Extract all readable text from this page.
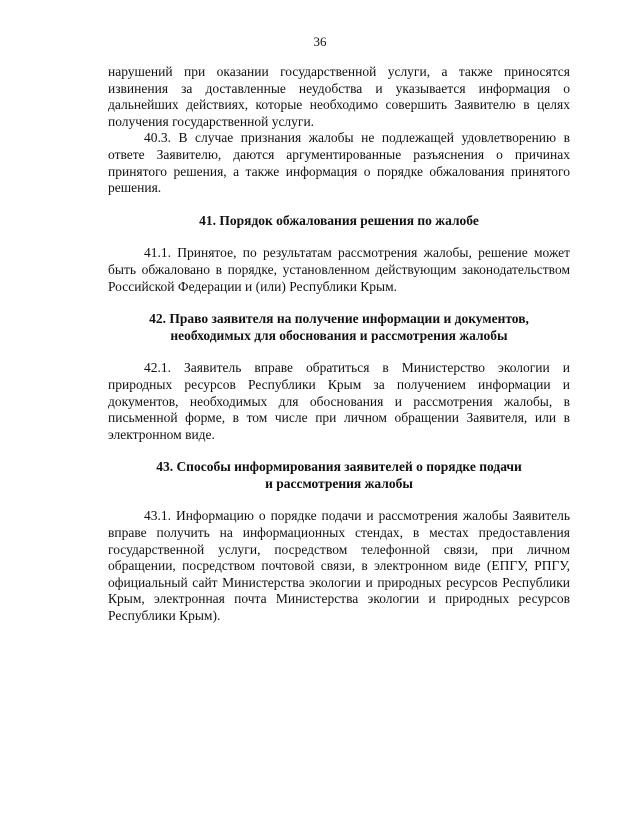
36

нарушений при оказании государственной услуги, а также приносятся извинения за доставленные неудобства и указывается информация о дальнейших действиях, которые необходимо совершить Заявителю в целях получения государственной услуги.

40.3. В случае признания жалобы не подлежащей удовлетворению в ответе Заявителю, даются аргументированные разъяснения о причинах принятого решения, а также информация о порядке обжалования принятого решения.

41. Порядок обжалования решения по жалобе

41.1. Принятое, по результатам рассмотрения жалобы, решение может быть обжаловано в порядке, установленном действующим законодательством Российской Федерации и (или) Республики Крым.

42. Право заявителя на получение информации и документов,
необходимых для обоснования и рассмотрения жалобы

42.1. Заявитель вправе обратиться в Министерство экологии и природных ресурсов Республики Крым за получением информации и документов, необходимых для обоснования и рассмотрения жалобы, в письменной форме, в том числе при личном обращении Заявителя, или в электронном виде.

43. Способы информирования заявителей о порядке подачи
и рассмотрения жалобы

43.1. Информацию о порядке подачи и рассмотрения жалобы Заявитель вправе получить на информационных стендах, в местах предоставления государственной услуги, посредством телефонной связи, при личном обращении, посредством почтовой связи, в электронном виде (ЕПГУ, РПГУ, официальный сайт Министерства экологии и природных ресурсов Республики Крым, электронная почта Министерства экологии и природных ресурсов Республики Крым).
